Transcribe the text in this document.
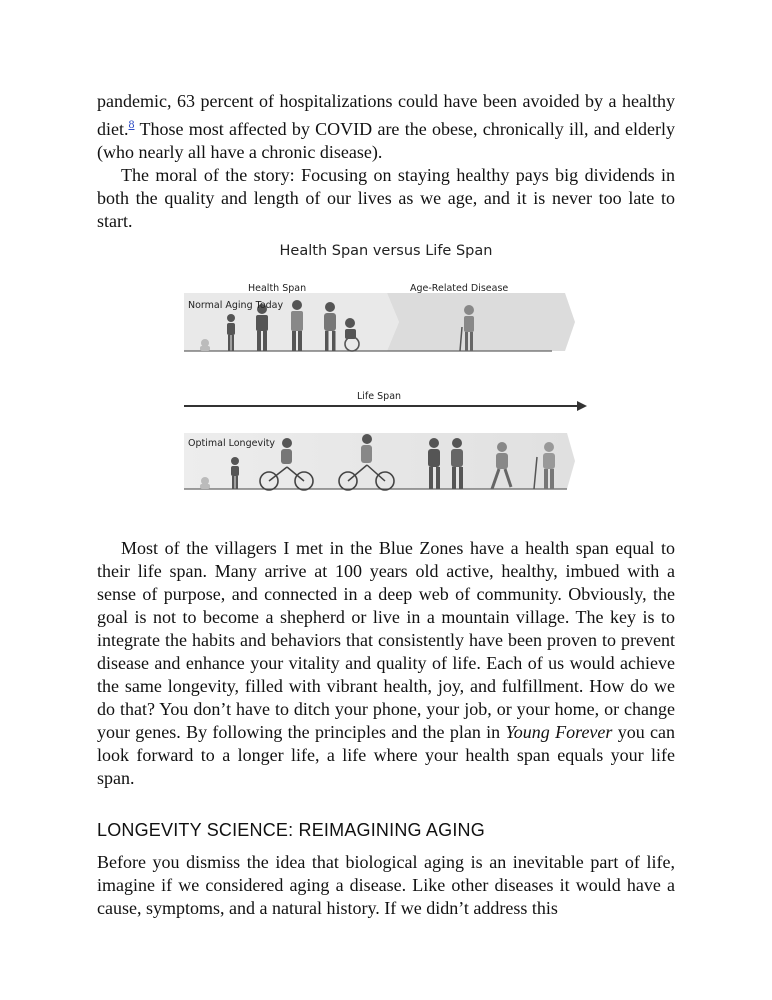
pandemic, 63 percent of hospitalizations could have been avoided by a healthy diet.$^8$ Those most affected by COVID are the obese, chronically ill, and elderly (who nearly all have a chronic disease).

The moral of the story: Focusing on staying healthy pays big dividends in both the quality and length of our lives as we age, and it is never too late to start.

Health Span versus Life Span
Health Span	Age-Related Disease
Normal Aging Today
Life Span
Optimal Longevity

Most of the villagers I met in the Blue Zones have a health span equal to their life span. Many arrive at 100 years old active, healthy, imbued with a sense of purpose, and connected in a deep web of community. Obviously, the goal is not to become a shepherd or live in a mountain village. The key is to integrate the habits and behaviors that consistently have been proven to prevent disease and enhance your vitality and quality of life. Each of us would achieve the same longevity, filled with vibrant health, joy, and fulfillment. How do we do that? You don’t have to ditch your phone, your job, or your home, or change your genes. By following the principles and the plan in Young Forever you can look forward to a longer life, a life where your health span equals your life span.

LONGEVITY SCIENCE: REIMAGINING AGING

Before you dismiss the idea that biological aging is an inevitable part of life, imagine if we considered aging a disease. Like other diseases it would have a cause, symptoms, and a natural history. If we didn’t address this
